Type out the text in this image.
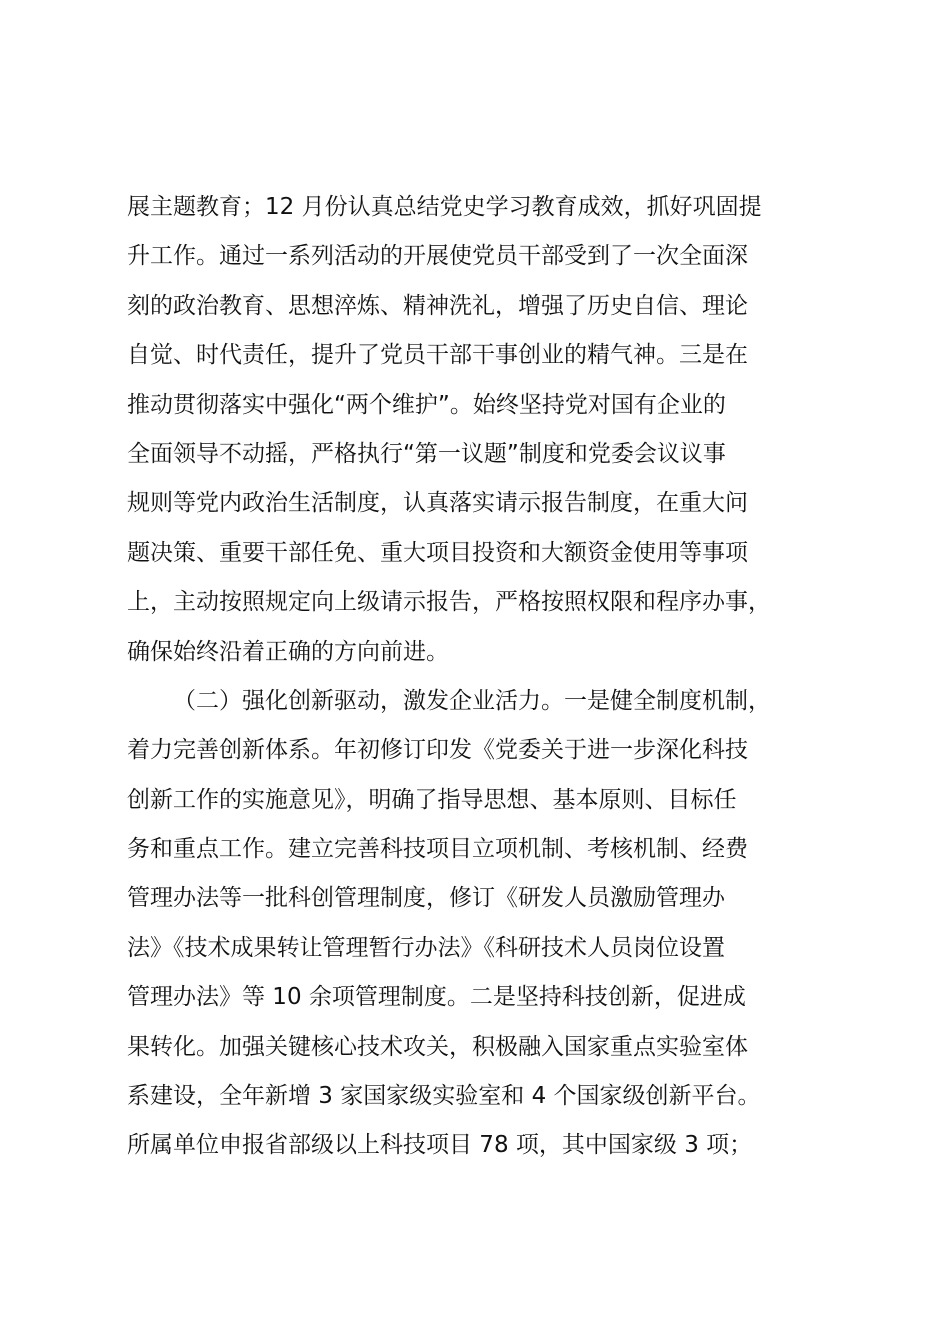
展主题教育；12 月份认真总结党史学习教育成效，抓好巩固提
升工作。通过一系列活动的开展使党员干部受到了一次全面深
刻的政治教育、思想淬炼、精神洗礼，增强了历史自信、理论
自觉、时代责任，提升了党员干部干事创业的精气神。三是在
推动贯彻落实中强化“两个维护”。始终坚持党对国有企业的
全面领导不动摇，严格执行“第一议题”制度和党委会议议事
规则等党内政治生活制度，认真落实请示报告制度，在重大问
题决策、重要干部任免、重大项目投资和大额资金使用等事项
上，主动按照规定向上级请示报告，严格按照权限和程序办事，
确保始终沿着正确的方向前进。
（二）强化创新驱动，激发企业活力。一是健全制度机制，
着力完善创新体系。年初修订印发《党委关于进一步深化科技
创新工作的实施意见》，明确了指导思想、基本原则、目标任
务和重点工作。建立完善科技项目立项机制、考核机制、经费
管理办法等一批科创管理制度，修订《研发人员激励管理办
法》《技术成果转让管理暂行办法》《科研技术人员岗位设置
管理办法》等 10 余项管理制度。二是坚持科技创新，促进成
果转化。加强关键核心技术攻关，积极融入国家重点实验室体
系建设，全年新增 3 家国家级实验室和 4 个国家级创新平台。
所属单位申报省部级以上科技项目 78 项，其中国家级 3 项；
